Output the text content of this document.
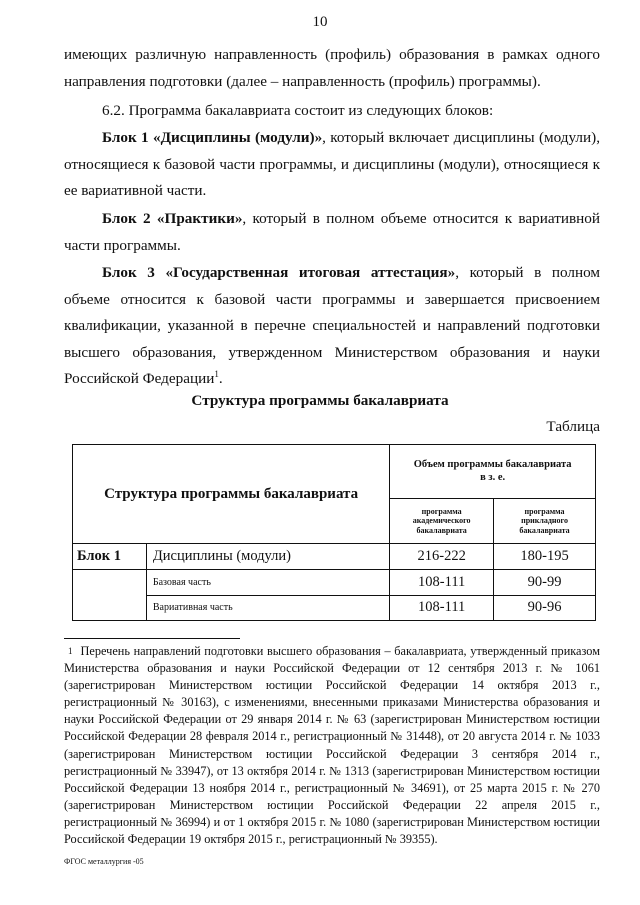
10

имеющих различную направленность (профиль) образования в рамках одного направления подготовки (далее – направленность (профиль) программы).

6.2. Программа бакалавриата состоит из следующих блоков:

Блок 1 «Дисциплины (модули)», который включает дисциплины (модули), относящиеся к базовой части программы, и дисциплины (модули), относящиеся к ее вариативной части.

Блок 2 «Практики», который в полном объеме относится к вариативной части программы.

Блок 3 «Государственная итоговая аттестация», который в полном объеме относится к базовой части программы и завершается присвоением квалификации, указанной в перечне специальностей и направлений подготовки высшего образования, утвержденном Министерством образования и науки Российской Федерации$^1$.

Структура программы бакалавриата
Таблица
Структура программы бакалавриата		Объем программы бакалавриата
в з. е.	

		программа академического бакалавриата	программа прикладного бакалавриата

Блок 1	Дисциплины (модули)	216-222	180-195
	Базовая часть	108-111	90-99
	Вариативная часть	108-111	90-96

$^1$ Перечень направлений подготовки высшего образования – бакалавриата, утвержденный приказом Министерства образования и науки Российской Федерации от 12 сентября 2013 г. № 1061 (зарегистрирован Министерством юстиции Российской Федерации 14 октября 2013 г., регистрационный № 30163), с изменениями, внесенными приказами Министерства образования и науки Российской Федерации от 29 января 2014 г. № 63 (зарегистрирован Министерством юстиции Российской Федерации 28 февраля 2014 г., регистрационный № 31448), от 20 августа 2014 г. № 1033 (зарегистрирован Министерством юстиции Российской Федерации 3 сентября 2014 г., регистрационный № 33947), от 13 октября 2014 г. № 1313 (зарегистрирован Министерством юстиции Российской Федерации 13 ноября 2014 г., регистрационный № 34691), от 25 марта 2015 г. № 270 (зарегистрирован Министерством юстиции Российской Федерации 22 апреля 2015 г., регистрационный № 36994) и от 1 октября 2015 г. № 1080 (зарегистрирован Министерством юстиции Российской Федерации 19 октября 2015 г., регистрационный № 39355).

ФГОС металлургия -05
